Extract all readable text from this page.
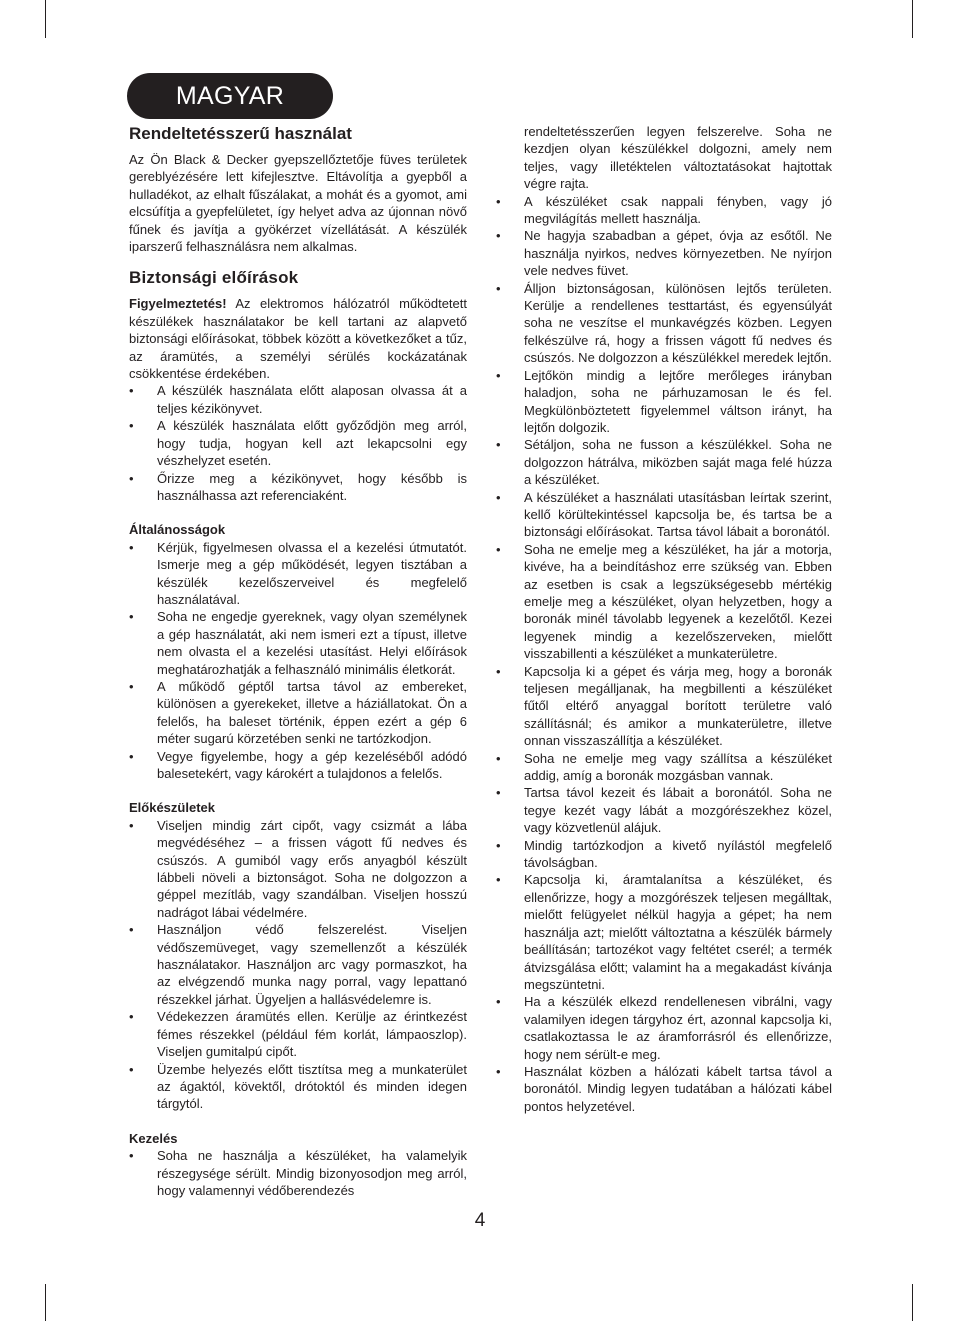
MAGYAR
Rendeltetésszerű használat

Az Ön Black & Decker gyepszellőztetője füves területek gereblyézésére lett kifejlesztve. Eltávolítja a gyepből a hulladékot, az elhalt fűszálakat, a mohát és a gyomot, ami elcsúfítja a gyepfelületet, így helyet adva az újonnan növő fűnek és javítja a gyökérzet vízellátását. A készülék iparszerű felhasználásra nem alkalmas.

Biztonsági előírások

Figyelmeztetés! Az elektromos hálózatról működtetett készülékek használatakor be kell tartani az alapvető biztonsági előírásokat, többek között a következőket a tűz, az áramütés, a személyi sérülés kockázatának csökkentése érdekében.

• A készülék használata előtt alaposan olvassa át a teljes kézikönyvet.
• A készülék használata előtt győződjön meg arról, hogy tudja, hogyan kell azt lekapcsolni egy vészhelyzet esetén.
• Őrizze meg a kézikönyvet, hogy később is használhassa azt referenciaként.
Általánosságok
• Kérjük, figyelmesen olvassa el a kezelési útmutatót. Ismerje meg a gép működését, legyen tisztában a készülék kezelőszerveivel és megfelelő használatával.
• Soha ne engedje gyereknek, vagy olyan személynek a gép használatát, aki nem ismeri ezt a típust, illetve nem olvasta el a kezelési utasítást. Helyi előírások meghatározhatják a felhasználó minimális életkorát.
• A működő géptől tartsa távol az embereket, különösen a gyerekeket, illetve a háziállatokat. Ön a felelős, ha baleset történik, éppen ezért a gép 6 méter sugarú körzetében senki ne tartózkodjon.
• Vegye figyelembe, hogy a gép kezeléséből adódó balesetekért, vagy károkért a tulajdonos a felelős.
Előkészületek
• Viseljen mindig zárt cipőt, vagy csizmát a lába megvédéséhez – a frissen vágott fű nedves és csúszós. A gumiból vagy erős anyagból készült lábbeli növeli a biztonságot. Soha ne dolgozzon a géppel mezítláb, vagy szandálban. Viseljen hosszú nadrágot lábai védelmére.
• Használjon védő felszerelést. Viseljen védőszemüveget, vagy szemellenzőt a készülék használatakor. Használjon arc vagy pormaszkot, ha az elvégzendő munka nagy porral, vagy lepattanó részekkel járhat. Ügyeljen a hallásvédelemre is.
• Védekezzen áramütés ellen. Kerülje az érintkezést fémes részekkel (például fém korlát, lámpaoszlop). Viseljen gumitalpú cipőt.
• Üzembe helyezés előtt tisztítsa meg a munkaterület az ágaktól, kövektől, drótoktól és minden idegen tárgytól.
Kezelés
• Soha ne használja a készüléket, ha valamelyik részegysége sérült. Mindig bizonyosodjon meg arról, hogy valamennyi védőberendezés
rendeltetésszerűen legyen felszerelve. Soha ne kezdjen olyan készülékkel dolgozni, amely nem teljes, vagy illetéktelen változtatásokat hajtottak végre rajta.
• A készüléket csak nappali fényben, vagy jó megvilágítás mellett használja.
• Ne hagyja szabadban a gépet, óvja az esőtől. Ne használja nyirkos, nedves környezetben. Ne nyírjon vele nedves füvet.
• Álljon biztonságosan, különösen lejtős területen. Kerülje a rendellenes testtartást, és egyensúlyát soha ne veszítse el munkavégzés közben. Legyen felkészülve rá, hogy a frissen vágott fű nedves és csúszós. Ne dolgozzon a készülékkel meredek lejtőn.
• Lejtőkön mindig a lejtőre merőleges irányban haladjon, soha ne párhuzamosan le és fel. Megkülönböztetett figyelemmel váltson irányt, ha lejtőn dolgozik.
• Sétáljon, soha ne fusson a készülékkel. Soha ne dolgozzon hátrálva, miközben saját maga felé húzza a készüléket.
• A készüléket a használati utasításban leírtak szerint, kellő körültekintéssel kapcsolja be, és tartsa be a biztonsági előírásokat. Tartsa távol lábait a boronától.
• Soha ne emelje meg a készüléket, ha jár a motorja, kivéve, ha a beindításhoz erre szükség van. Ebben az esetben is csak a legszükségesebb mértékig emelje meg a készüléket, olyan helyzetben, hogy a boronák minél távolabb legyenek a kezelőtől. Kezei legyenek mindig a kezelőszerveken, mielőtt visszabillenti a készüléket a munkaterületre.
• Kapcsolja ki a gépet és várja meg, hogy a boronák teljesen megálljanak, ha megbillenti a készüléket fűtől eltérő anyaggal borított területre való szállításnál; és amikor a munkaterületre, illetve onnan visszaszállítja a készüléket.
• Soha ne emelje meg vagy szállítsa a készüléket addig, amíg a boronák mozgásban vannak.
• Tartsa távol kezeit és lábait a boronától. Soha ne tegye kezét vagy lábát a mozgórészekhez közel, vagy közvetlenül alájuk.
• Mindig tartózkodjon a kivető nyílástól megfelelő távolságban.
• Kapcsolja ki, áramtalanítsa a készüléket, és ellenőrizze, hogy a mozgórészek teljesen megálltak, mielőtt felügyelet nélkül hagyja a gépet; ha nem használja azt; mielőtt változtatna a készülék bármely beállításán; tartozékot vagy feltétet cserél; a termék átvizsgálása előtt; valamint ha a megakadást kívánja megszüntetni.
• Ha a készülék elkezd rendellenesen vibrálni, vagy valamilyen idegen tárgyhoz ért, azonnal kapcsolja ki, csatlakoztassa le az áramforrásról és ellenőrizze, hogy nem sérült-e meg.
• Használat közben a hálózati kábelt tartsa távol a boronától. Mindig legyen tudatában a hálózati kábel pontos helyzetével.
4
